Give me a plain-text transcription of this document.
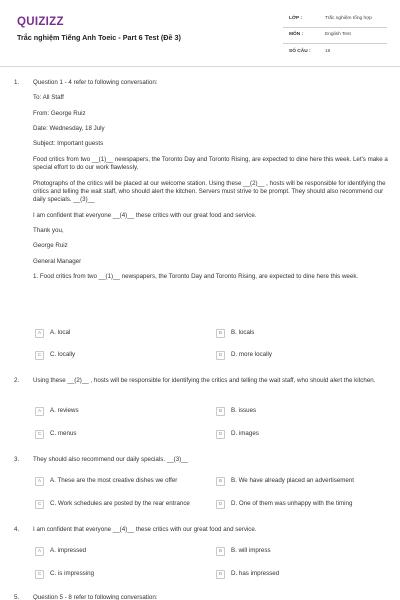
QUIZIZZ
Trắc nghiệm Tiếng Anh Toeic - Part 6 Test (Đề 3)
LỚP :	Trắc nghiệm tổng hợp
MÔN :	English Test
SỐ CÂU :	16
1. Question 1 - 4 refer to following conversation:
To: All Staff
From: George Ruiz
Date: Wednesday, 18 July
Subject: Important guests
Food critics from two __(1)__ newspapers, the Toronto Day and Toronto Rising, are expected to dine here this week. Let's make a special effort to do our work flawlessly.
Photographs of the critics will be placed at our welcome station. Using these __(2)__ , hosts will be responsible for identifying the critics and telling the wait staff, who should alert the kitchen. Servers must strive to be prompt. They should also recommend our daily specials. __(3)__
I am confident that everyone __(4)__ these critics with our great food and service.
Thank you,
George Ruiz
General Manager
1. Food critics from two __(1)__ newspapers, the Toronto Day and Toronto Rising, are expected to dine here this week.
A	A. local	B	B. locals
C	C. locally	D	D. more locally
2. Using these __(2)__ , hosts will be responsible for identifying the critics and telling the wait staff, who should alert the kitchen.
A	A. reviews	B	B. issues
C	C. menus	D	D. images
3. They should also recommend our daily specials. __(3)__
A	A. These are the most creative dishes we offer	B	B. We have already placed an advertisement
C	C. Work schedules are posted by the rear entrance	D	D. One of them was unhappy with the timing
4. I am confident that everyone __(4)__ these critics with our great food and service.
A	A. impressed	B	B. will impress
C	C. is impressing	D	D. has impressed
5. Question 5 - 8 refer to following conversation:
